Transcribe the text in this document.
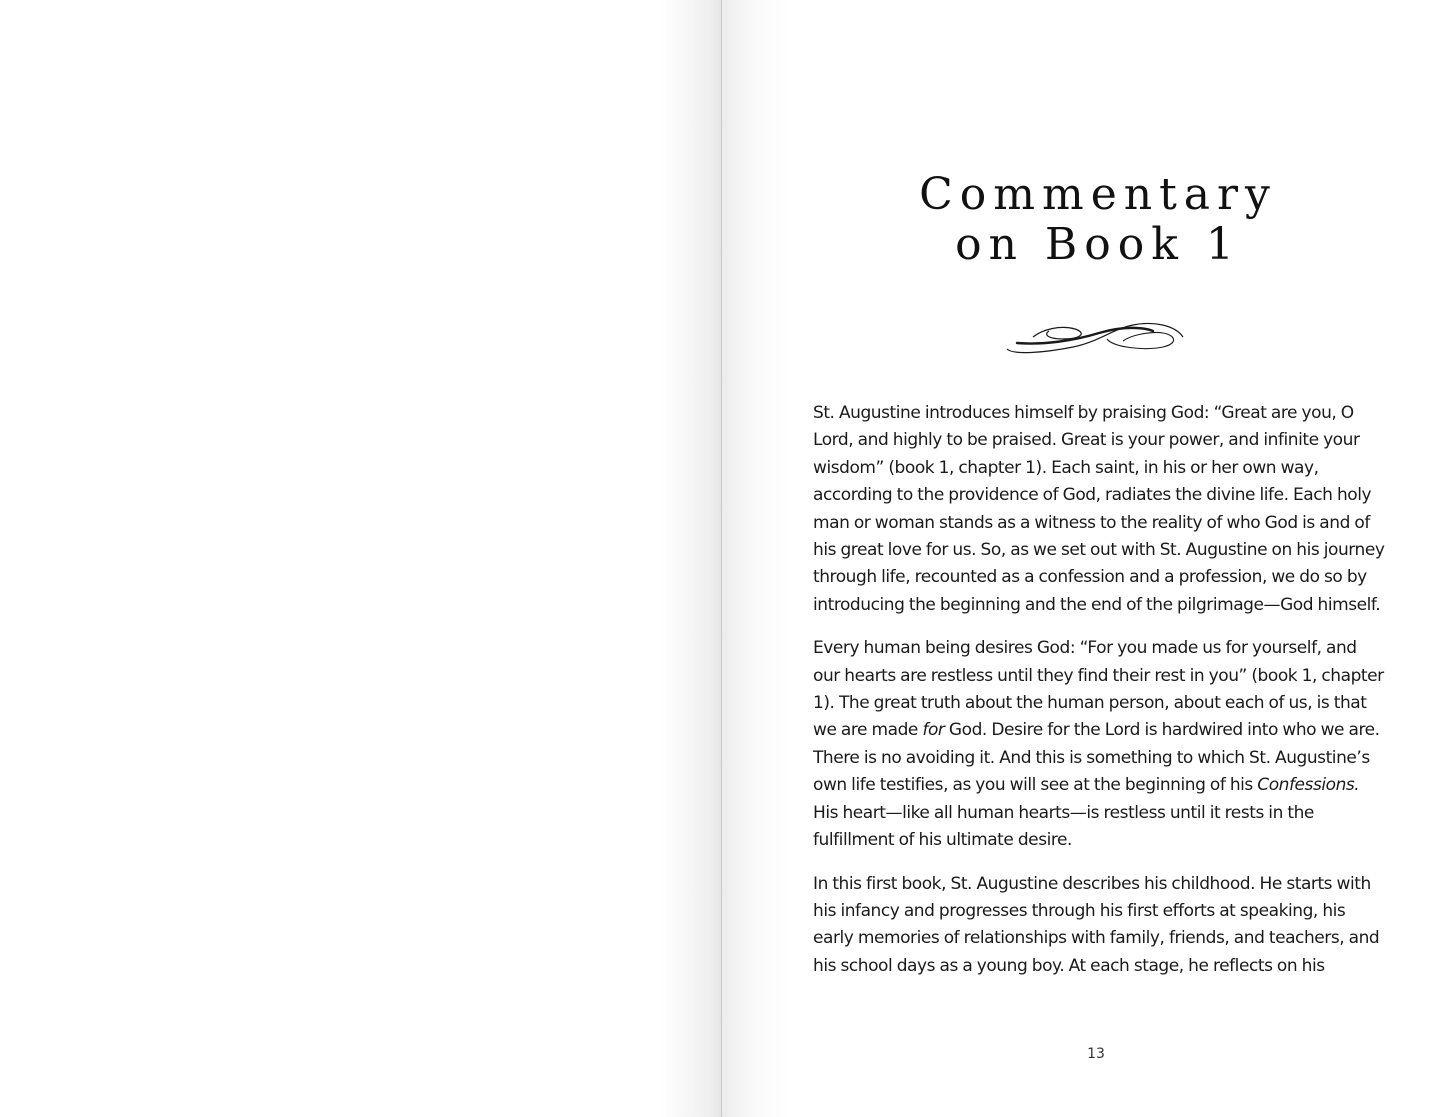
Commentary
on Book 1

St. Augustine introduces himself by praising God: “Great are you, O Lord, and highly to be praised. Great is your power, and infinite your wisdom” (book 1, chapter 1). Each saint, in his or her own way, according to the providence of God, radiates the divine life. Each holy man or woman stands as a witness to the reality of who God is and of his great love for us. So, as we set out with St. Augustine on his journey through life, recounted as a confession and a profession, we do so by introducing the beginning and the end of the pilgrimage—God himself.

Every human being desires God: “For you made us for yourself, and our hearts are restless until they find their rest in you” (book 1, chapter 1). The great truth about the human person, about each of us, is that we are made for God. Desire for the Lord is hardwired into who we are. There is no avoiding it. And this is something to which St. Augustine’s own life testifies, as you will see at the beginning of his Confessions. His heart—like all human hearts—is restless until it rests in the fulfillment of his ultimate desire.

In this first book, St. Augustine describes his childhood. He starts with his infancy and progresses through his first efforts at speaking, his early memories of relationships with family, friends, and teachers, and his school days as a young boy. At each stage, he reflects on his

13
